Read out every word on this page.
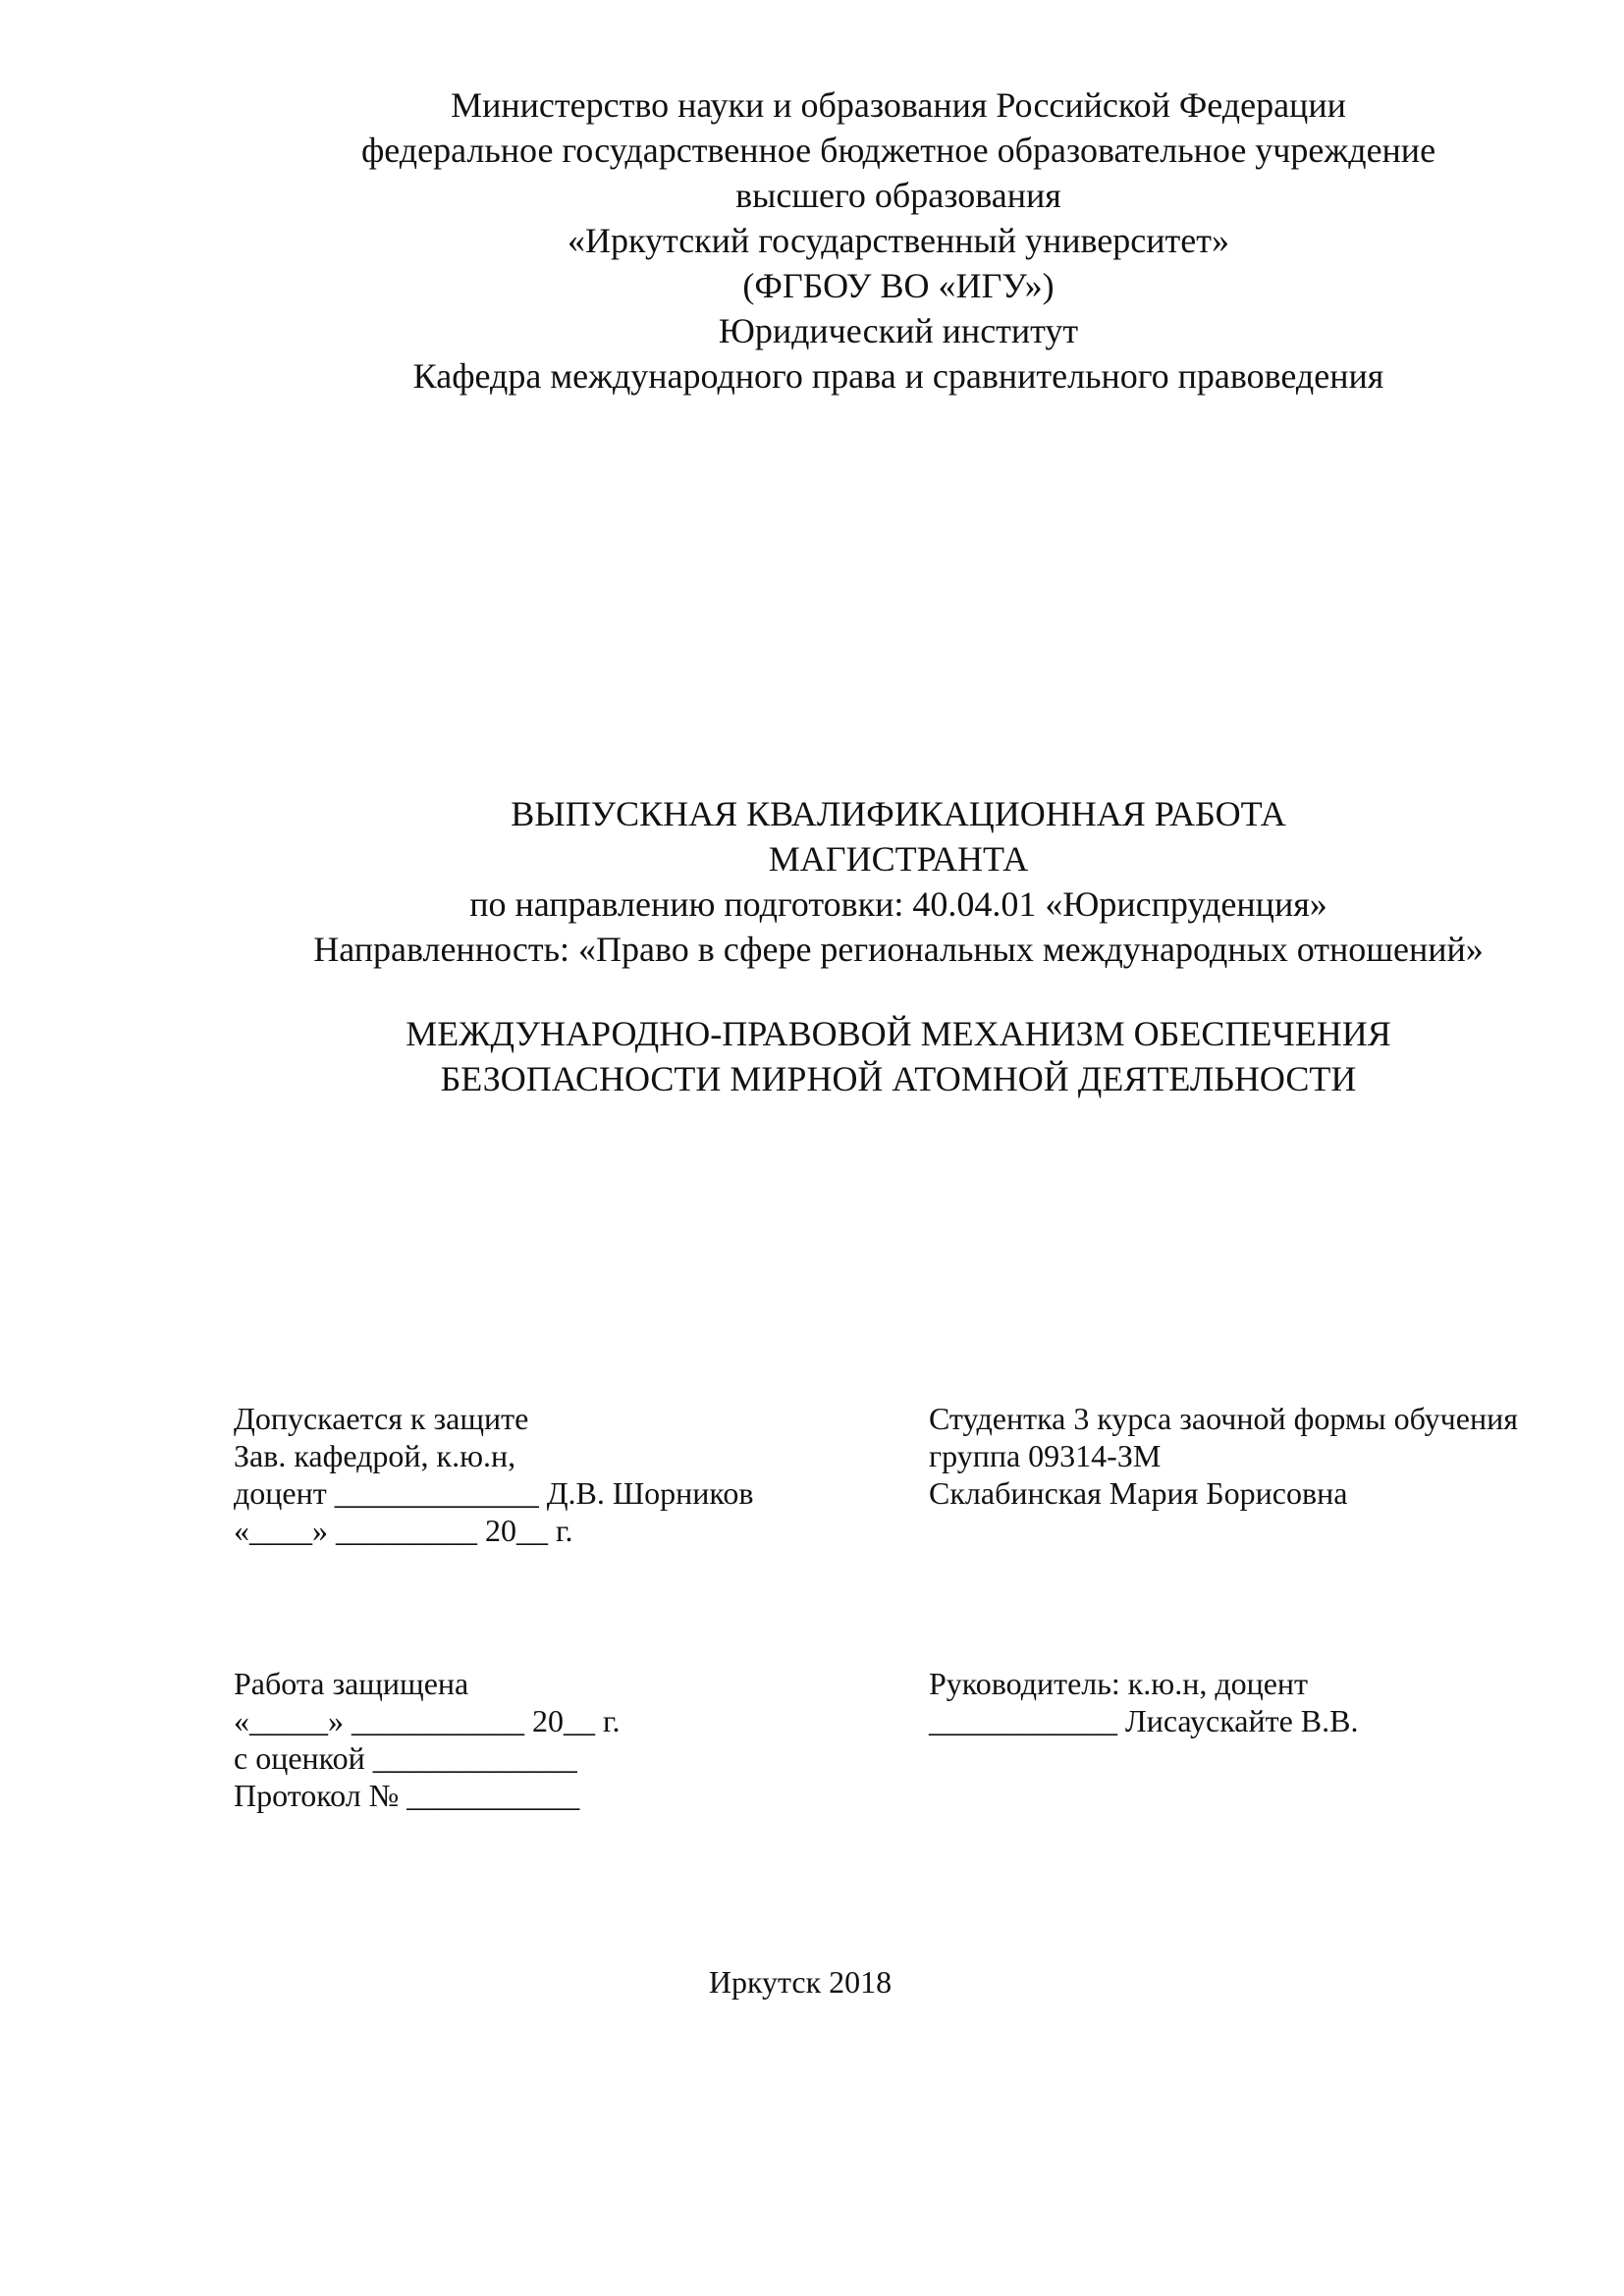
Министерство науки и образования Российской Федерации
федеральное государственное бюджетное образовательное учреждение
высшего образования
«Иркутский государственный университет»
(ФГБОУ ВО «ИГУ»)
Юридический институт
Кафедра международного права и сравнительного правоведения
ВЫПУСКНАЯ КВАЛИФИКАЦИОННАЯ РАБОТА
МАГИСТРАНТА
по направлению подготовки: 40.04.01 «Юриспруденция»
Направленность: «Право в сфере региональных международных отношений»
МЕЖДУНАРОДНО-ПРАВОВОЙ МЕХАНИЗМ ОБЕСПЕЧЕНИЯ
БЕЗОПАСНОСТИ МИРНОЙ АТОМНОЙ ДЕЯТЕЛЬНОСТИ
Допускается к защите
Зав. кафедрой, к.ю.н,
доцент _____________ Д.В. Шорников
«____» _________ 20__ г.
Студентка 3 курса заочной формы обучения
группа 09314-ЗМ
Склабинская Мария Борисовна
Работа защищена
«_____» ___________ 20__ г.
с оценкой _____________
Протокол № ___________
Руководитель: к.ю.н, доцент
____________ Лисаускайте В.В.
Иркутск 2018
